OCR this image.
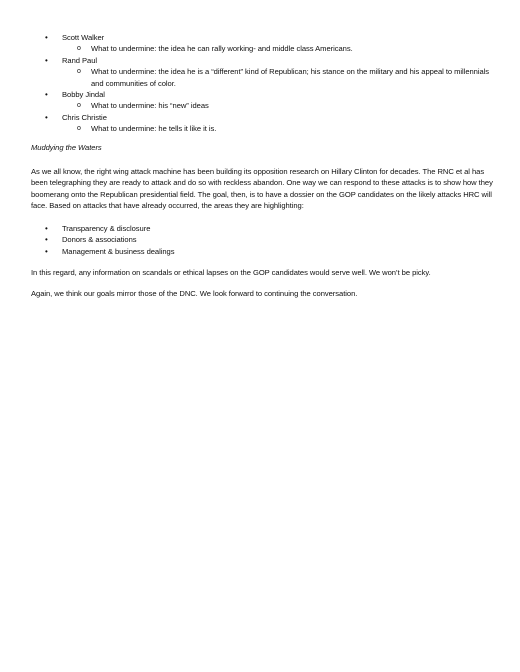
• Scott Walker
o What to undermine: the idea he can rally working- and middle class Americans.
• Rand Paul
o What to undermine: the idea he is a “different” kind of Republican; his stance on the military and his appeal to millennials and communities of color.
• Bobby Jindal
o What to undermine: his “new” ideas
• Chris Christie
o What to undermine: he tells it like it is.
Muddying the Waters

As we all know, the right wing attack machine has been building its opposition research on Hillary Clinton for decades. The RNC et al has been telegraphing they are ready to attack and do so with reckless abandon. One way we can respond to these attacks is to show how they boomerang onto the Republican presidential field. The goal, then, is to have a dossier on the GOP candidates on the likely attacks HRC will face. Based on attacks that have already occurred, the areas they are highlighting:

• Transparency & disclosure
• Donors & associations
• Management & business dealings

In this regard, any information on scandals or ethical lapses on the GOP candidates would serve well. We won’t be picky.

Again, we think our goals mirror those of the DNC. We look forward to continuing the conversation.
